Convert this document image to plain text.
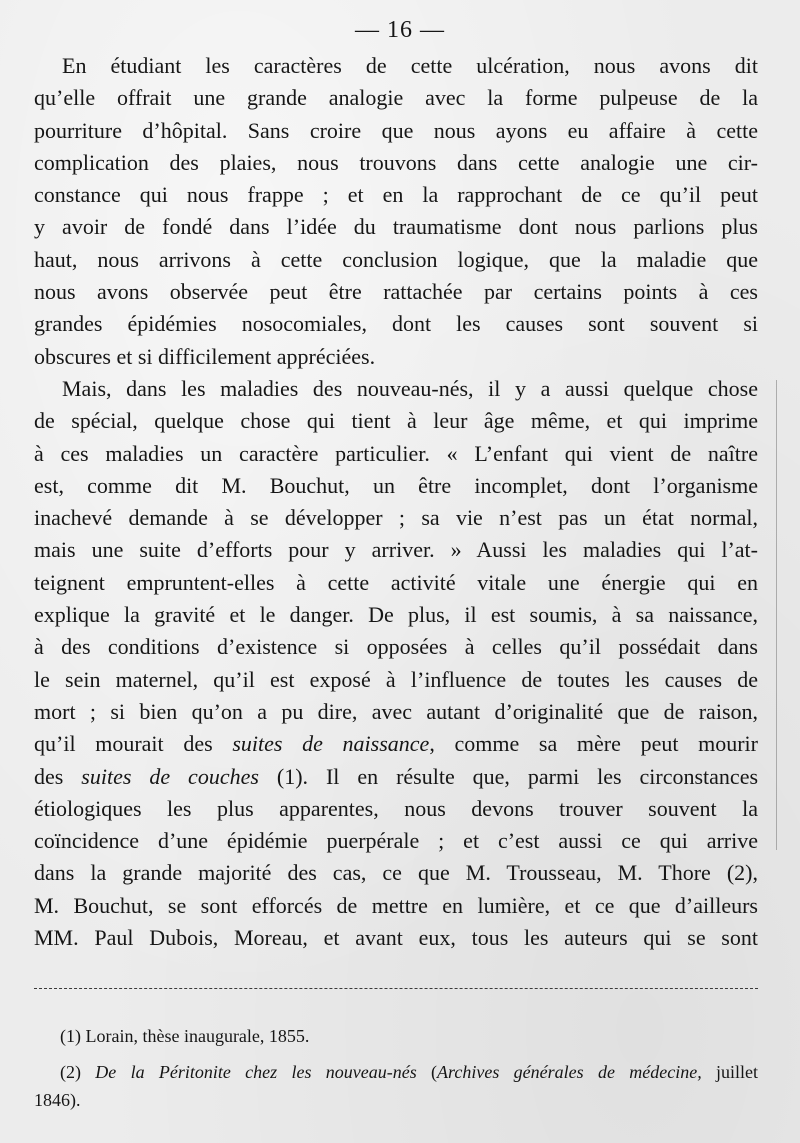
— 16 —
En étudiant les caractères de cette ulcération, nous avons dit
qu’elle offrait une grande analogie avec la forme pulpeuse de la
pourriture d’hôpital. Sans croire que nous ayons eu affaire à cette
complication des plaies, nous trouvons dans cette analogie une cir-
constance qui nous frappe ; et en la rapprochant de ce qu’il peut
y avoir de fondé dans l’idée du traumatisme dont nous parlions plus
haut, nous arrivons à cette conclusion logique, que la maladie que
nous avons observée peut être rattachée par certains points à ces
grandes épidémies nosocomiales, dont les causes sont souvent si
obscures et si difficilement appréciées.
Mais, dans les maladies des nouveau-nés, il y a aussi quelque chose
de spécial, quelque chose qui tient à leur âge même, et qui imprime
à ces maladies un caractère particulier. « L’enfant qui vient de naître
est, comme dit M. Bouchut, un être incomplet, dont l’organisme
inachevé demande à se développer ; sa vie n’est pas un état normal,
mais une suite d’efforts pour y arriver. » Aussi les maladies qui l’at-
teignent empruntent-elles à cette activité vitale une énergie qui en
explique la gravité et le danger. De plus, il est soumis, à sa naissance,
à des conditions d’existence si opposées à celles qu’il possédait dans
le sein maternel, qu’il est exposé à l’influence de toutes les causes de
mort ; si bien qu’on a pu dire, avec autant d’originalité que de raison,
qu’il mourait des suites de naissance, comme sa mère peut mourir
des suites de couches (1). Il en résulte que, parmi les circonstances
étiologiques les plus apparentes, nous devons trouver souvent la
coïncidence d’une épidémie puerpérale ; et c’est aussi ce qui arrive
dans la grande majorité des cas, ce que M. Trousseau, M. Thore (2),
M. Bouchut, se sont efforcés de mettre en lumière, et ce que d’ailleurs
MM. Paul Dubois, Moreau, et avant eux, tous les auteurs qui se sont
(1) Lorain, thèse inaugurale, 1855.
(2) De la Péritonite chez les nouveau-nés (Archives générales de médecine, juillet
1846).
